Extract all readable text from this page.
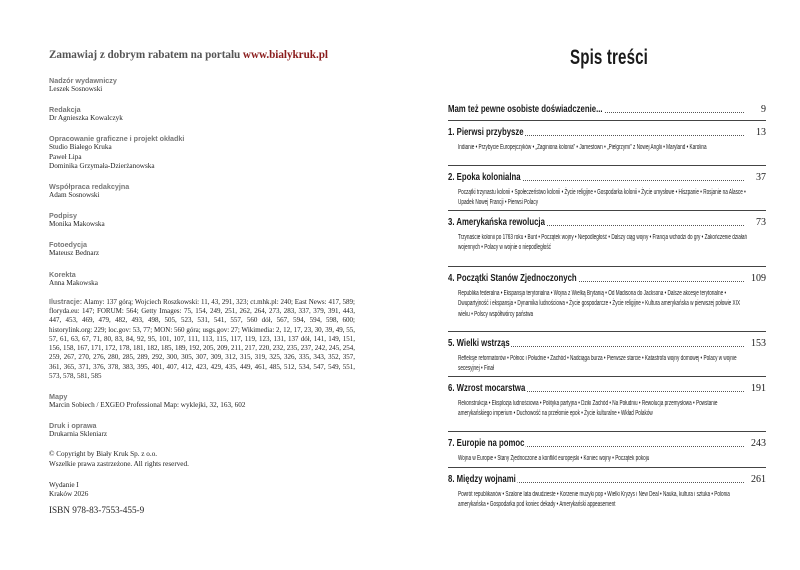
Zamawiaj z dobrym rabatem na portalu www.bialykruk.pl
Nadzór wydawniczy
Leszek Sosnowski
Redakcja
Dr Agnieszka Kowalczyk
Opracowanie graficzne i projekt okładki
Studio Białego Kruka
Paweł Lipa
Dominika Grzymała-Dzierżanowska
Współpraca redakcyjna
Adam Sosnowski
Podpisy
Monika Makowska
Fotoedycja
Mateusz Bednarz
Korekta
Anna Makowska
Ilustracje: Alamy: 137 górą; Wojciech Roszkowski: 11, 43, 291, 323; ct.mhk.pl: 240; East News: 417, 589; floryda.eu: 147; FORUM: 564; Getty Images: 75, 154, 249, 251, 262, 264, 273, 283, 337, 379, 391, 443, 447, 453, 469, 479, 482, 493, 498, 505, 523, 531, 541, 557, 560 dół, 567, 594, 594, 598, 600; historylink.org: 229; loc.gov: 53, 77; MON: 560 góra; usgs.gov: 27; Wikimedia: 2, 12, 17, 23, 30, 39, 49, 55, 57, 61, 63, 67, 71, 80, 83, 84, 92, 95, 101, 107, 111, 113, 115, 117, 119, 123, 131, 137 dół, 141, 149, 151, 156, 158, 167, 171, 172, 178, 181, 182, 185, 189, 192, 205, 209, 211, 217, 220, 232, 235, 237, 242, 245, 254, 259, 267, 270, 276, 280, 285, 289, 292, 300, 305, 307, 309, 312, 315, 319, 325, 326, 335, 343, 352, 357, 361, 365, 371, 376, 378, 383, 395, 401, 407, 412, 423, 429, 435, 449, 461, 485, 512, 534, 547, 549, 551, 573, 578, 581, 585
Mapy
Marcin Sobiech / EXGEO Professional Map: wyklejki, 32, 163, 602
Druk i oprawa
Drukarnia Skleniarz
© Copyright by Biały Kruk Sp. z o.o.
Wszelkie prawa zastrzeżone. All rights reserved.
Wydanie I
Kraków 2026
ISBN 978-83-7553-455-9
Spis treści
Mam też pewne osobiste doświadczenie...	9
1. Pierwsi przybysze	13
Indianie • Przybycie Europejczyków • „Zaginiona kolonia” • Jamestown • „Pielgrzymi” z Nowej Anglii • Maryland • Karolina
2. Epoka kolonialna	37
Początki trzynastu kolonii • Społeczeństwo kolonii • Życie religijne • Gospodarka kolonii • Życie umysłowe • Hiszpanie • Rosjanie na Alasce • Upadek Nowej Francji • Pierwsi Polacy
3. Amerykańska rewolucja	73
Trzynaście kolonii po 1763 roku • Bunt • Początek wojny • Niepodległość • Dalszy ciąg wojny • Francja wchodzi do gry • Zakończenie działań wojennych • Polacy w wojnie o niepodległość
4. Początki Stanów Zjednoczonych	109
Republika federalna • Ekspansja terytorialna • Wojna z Wielką Brytanią • Od Madisona do Jacksona • Dalsze akcesje terytorialne • Dwupartyjność i ekspansja • Dynamika ludnościowa • Życie gospodarcze • Życie religijne • Kultura amerykańska w pierwszej połowie XIX wieku • Polscy współtwórcy państwa
5. Wielki wstrząs	153
Refleksje reformatorów • Północ i Południe • Zachód • Nadciąga burza • Pierwsze starcie • Katastrofa wojny domowej • Polacy w wojnie secesyjnej • Finał
6. Wzrost mocarstwa	191
Rekonstrukcja • Eksplozja ludnościowa • Polityka partyjna • Dziki Zachód • Na Południu • Rewolucja przemysłowa • Powstanie amerykańskiego imperium • Duchowość na przełomie epok • Życie kulturalne • Wkład Polaków
7. Europie na pomoc	243
Wojna w Europie • Stany Zjednoczone a konflikt europejski • Koniec wojny • Początek pokoju
8. Między wojnami	261
Powrót republikanów • Szalone lata dwudzieste • Korzenie muzyki pop • Wielki Kryzys i New Deal • Nauka, kultura i sztuka • Polonia amerykańska • Gospodarka pod koniec dekady • Amerykański appeasement
